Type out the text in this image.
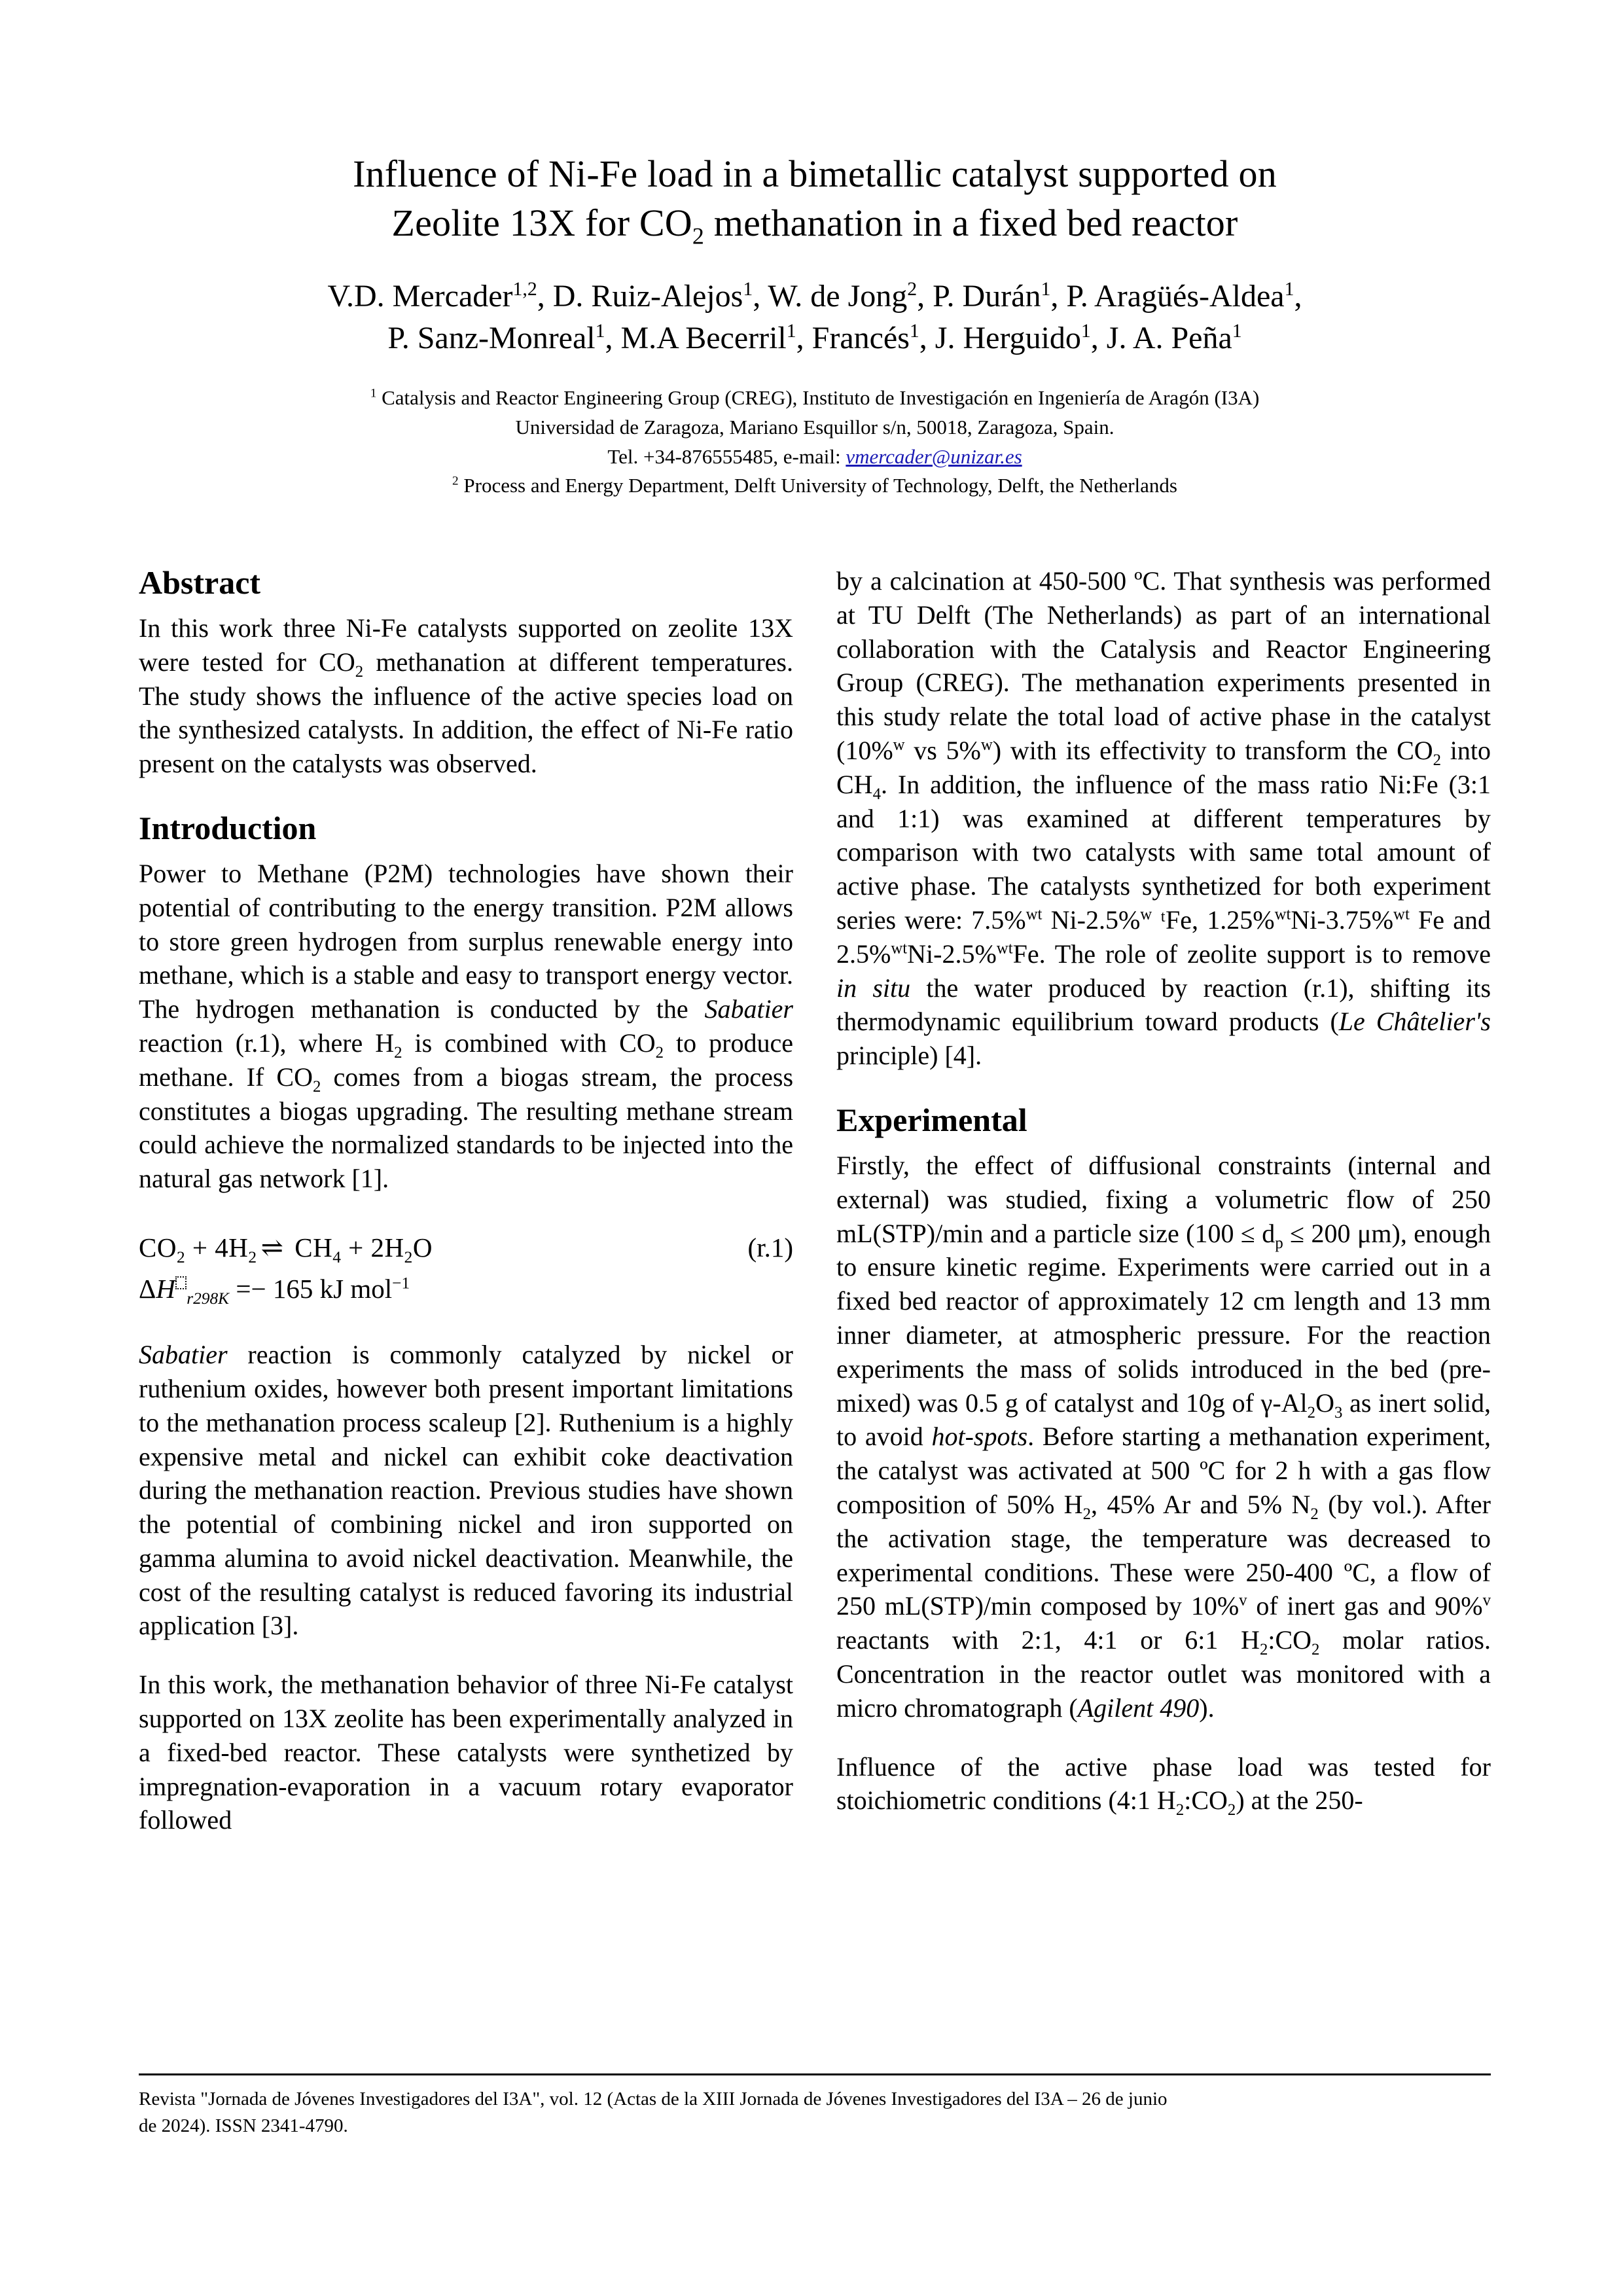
Influence of Ni-Fe load in a bimetallic catalyst supported on
Zeolite 13X for $CO_2$ methanation in a fixed bed reactor
V.D. Mercader$^{1,2}$, D. Ruiz-Alejos$^1$, W. de Jong$^2$, P. Durán$^1$, P. Aragüés-Aldea$^1$,
P. Sanz-Monreal$^1$, M.A Becerril$^1$, Francés$^1$, J. Herguido$^1$, J. A. Peña$^1$
$^1$ Catalysis and Reactor Engineering Group (CREG), Instituto de Investigación en Ingeniería de Aragón (I3A)
Universidad de Zaragoza, Mariano Esquillor s/n, 50018, Zaragoza, Spain.
Tel. +34-876555485, e-mail: vmercader@unizar.es
$^2$ Process and Energy Department, Delft University of Technology, Delft, the Netherlands
Abstract

In this work three Ni-Fe catalysts supported on zeolite 13X were tested for $CO_2$ methanation at different temperatures. The study shows the influence of the active species load on the synthesized catalysts. In addition, the effect of Ni-Fe ratio present on the catalysts was observed.

Introduction

Power to Methane (P2M) technologies have shown their potential of contributing to the energy transition. P2M allows to store green hydrogen from surplus renewable energy into methane, which is a stable and easy to transport energy vector. The hydrogen methanation is conducted by the Sabatier reaction (r.1), where $H_2$ is combined with $CO_2$ to produce methane. If $CO_2$ comes from a biogas stream, the process constitutes a biogas upgrading. The resulting methane stream could achieve the normalized standards to be injected into the natural gas network [1].

$CO_2 + 4H_2$ ⇌ $CH_4 + 2H_2O$	(r.1)
ΔH $_{r298K}$ =− 165 kJ mol$^{-1}$

Sabatier reaction is commonly catalyzed by nickel or ruthenium oxides, however both present important limitations to the methanation process scaleup [2]. Ruthenium is a highly expensive metal and nickel can exhibit coke deactivation during the methanation reaction. Previous studies have shown the potential of combining nickel and iron supported on gamma alumina to avoid nickel deactivation. Meanwhile, the cost of the resulting catalyst is reduced favoring its industrial application [3].

In this work, the methanation behavior of three Ni-Fe catalyst supported on 13X zeolite has been experimentally analyzed in a fixed-bed reactor. These catalysts were synthetized by impregnation-evaporation in a vacuum rotary evaporator followed

by a calcination at 450-500 ºC. That synthesis was performed at TU Delft (The Netherlands) as part of an international collaboration with the Catalysis and Reactor Engineering Group (CREG). The methanation experiments presented in this study relate the total load of active phase in the catalyst (10%$^w$ vs 5%$^w$) with its effectivity to transform the $CO_2$ into $CH_4$. In addition, the influence of the mass ratio Ni:Fe (3:1 and 1:1) was examined at different temperatures by comparison with two catalysts with same total amount of active phase. The catalysts synthetized for both experiment series were: 7.5%$^{wt}$ Ni-2.5%$^w$ ᵗFe, 1.25%$^{wt}$Ni-3.75%$^{wt}$ Fe and 2.5%$^{wt}$Ni-2.5%$^{wt}$Fe. The role of zeolite support is to remove in situ the water produced by reaction (r.1), shifting its thermodynamic equilibrium toward products (Le Châtelier's principle) [4].

Experimental

Firstly, the effect of diffusional constraints (internal and external) was studied, fixing a volumetric flow of 250 mL(STP)/min and a particle size ($100 \le d_p \le 200$ μm), enough to ensure kinetic regime. Experiments were carried out in a fixed bed reactor of approximately 12 cm length and 13 mm inner diameter, at atmospheric pressure. For the reaction experiments the mass of solids introduced in the bed (pre-mixed) was 0.5 g of catalyst and 10g of $\gamma-Al_2O_3$ as inert solid, to avoid hot-spots. Before starting a methanation experiment, the catalyst was activated at 500 ºC for 2 h with a gas flow composition of 50% $H_2$, 45% Ar and 5% $N_2$ (by vol.). After the activation stage, the temperature was decreased to experimental conditions. These were 250-400 ºC, a flow of 250 mL(STP)/min composed by 10%$^v$ of inert gas and 90%$^v$ reactants with 2:1, 4:1 or 6:1 $H_2:CO_2$ molar ratios. Concentration in the reactor outlet was monitored with a micro chromatograph (Agilent 490).

Influence of the active phase load was tested for stoichiometric conditions (4:1 $H_2:CO_2$) at the 250-

Revista "Jornada de Jóvenes Investigadores del I3A", vol. 12 (Actas de la XIII Jornada de Jóvenes Investigadores del I3A – 26 de junio

de 2024). ISSN 2341-4790.
